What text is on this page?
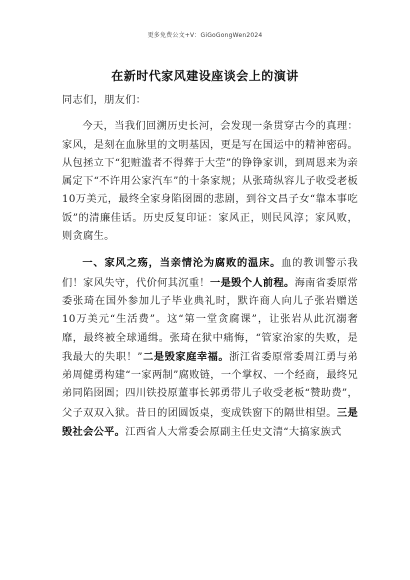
更多免费公文+V：GiGoGongWen2024
在新时代家风建设座谈会上的演讲

同志们，朋友们：

今天，当我们回溯历史长河，会发现一条贯穿古今的真理：家风，是刻在血脉里的文明基因，更是写在国运中的精神密码。从包拯立下“犯赃滥者不得葬于大茔”的铮铮家训，到周恩来为亲属定下“不许用公家汽车”的十条家规；从张琦纵容儿子收受老板10万美元，最终全家身陷囹圄的悲剧，到谷文昌子女“靠本事吃饭”的清廉佳话。历史反复印证：家风正，则民风淳；家风败，则贪腐生。

一、家风之殇，当亲情沦为腐败的温床。血的教训警示我们！家风失守，代价何其沉重！一是毁个人前程。海南省委原常委张琦在国外参加儿子毕业典礼时，默许商人向儿子张岩赠送10万美元“生活费”。这“第一堂贪腐课”，让张岩从此沉溺奢靡，最终被全球通缉。张琦在狱中痛悔，“管家治家的失败，是我最大的失职！”二是毁家庭幸福。浙江省委原常委周江勇与弟弟周健勇构建“一家两制”腐败链，一个掌权、一个经商，最终兄弟同陷囹圄；四川铁投原董事长郭勇带儿子收受老板“赞助费”，父子双双入狱。昔日的团圆饭桌，变成铁窗下的隔世相望。三是毁社会公平。江西省人大常委会原副主任史文清“大搞家族式
